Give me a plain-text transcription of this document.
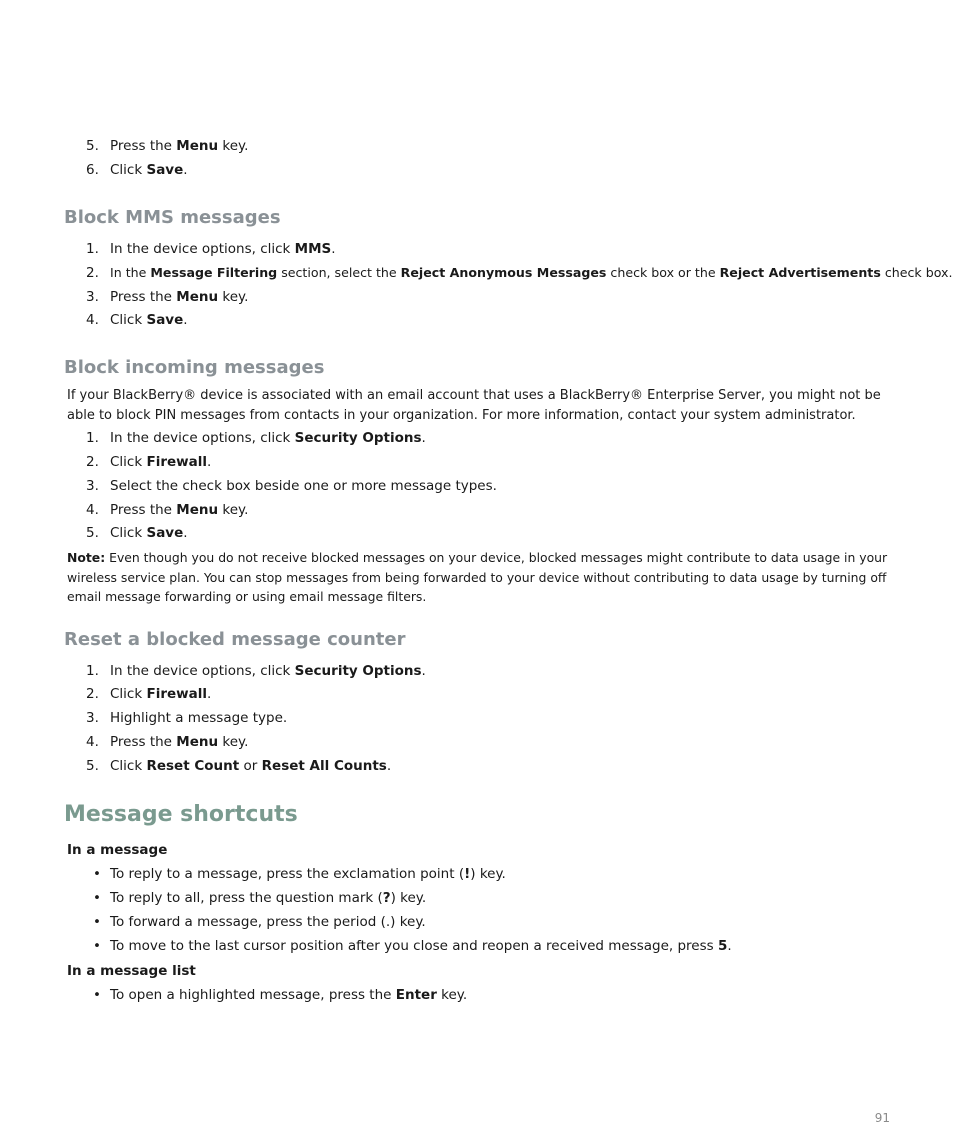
5. Press the Menu key.
6. Click Save.
Block MMS messages
1. In the device options, click MMS.
2. In the Message Filtering section, select the Reject Anonymous Messages check box or the Reject Advertisements check box.
3. Press the Menu key.
4. Click Save.
Block incoming messages
If your BlackBerry® device is associated with an email account that uses a BlackBerry® Enterprise Server, you might not be able to block PIN messages from contacts in your organization. For more information, contact your system administrator.
1. In the device options, click Security Options.
2. Click Firewall.
3. Select the check box beside one or more message types.
4. Press the Menu key.
5. Click Save.
Note: Even though you do not receive blocked messages on your device, blocked messages might contribute to data usage in your wireless service plan. You can stop messages from being forwarded to your device without contributing to data usage by turning off email message forwarding or using email message filters.
Reset a blocked message counter
1. In the device options, click Security Options.
2. Click Firewall.
3. Highlight a message type.
4. Press the Menu key.
5. Click Reset Count or Reset All Counts.
Message shortcuts
In a message
• To reply to a message, press the exclamation point (!) key.
• To reply to all, press the question mark (?) key.
• To forward a message, press the period (.) key.
• To move to the last cursor position after you close and reopen a received message, press 5.
In a message list
• To open a highlighted message, press the Enter key.
91
